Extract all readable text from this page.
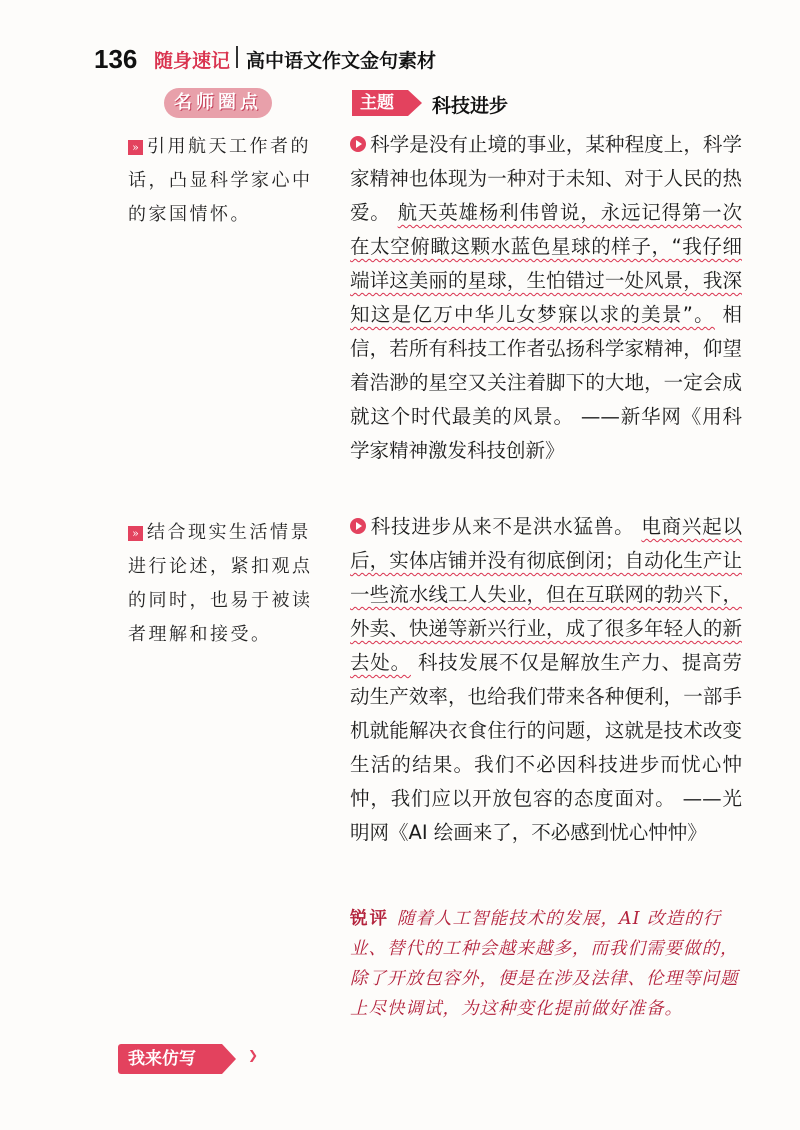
136 随身速记 高中语文作文金句素材
名师圈点	主题	科技进步
» 引用航天工作者的话，凸显科学家心中的家国情怀。
» 结合现实生活情景进行论述，紧扣观点的同时，也易于被读者理解和接受。
科学是没有止境的事业，某种程度上，科学家精神也体现为一种对于未知、对于人民的热爱。 航天英雄杨利伟曾说，永远记得第一次在太空俯瞰这颗水蓝色星球的样子，“我仔细端详这美丽的星球，生怕错过一处风景，我深知这是亿万中华儿女梦寐以求的美景”。 相信，若所有科技工作者弘扬科学家精神，仰望着浩渺的星空又关注着脚下的大地，一定会成就这个时代最美的风景。 ——新华网《用科学家精神激发科技创新》
科技进步从来不是洪水猛兽。 电商兴起以后，实体店铺并没有彻底倒闭；自动化生产让一些流水线工人失业，但在互联网的勃兴下，外卖、快递等新兴行业，成了很多年轻人的新去处。 科技发展不仅是解放生产力、提高劳动生产效率，也给我们带来各种便利，一部手机就能解决衣食住行的问题，这就是技术改变生活的结果。我们不必因科技进步而忧心忡忡，我们应以开放包容的态度面对。 ——光明网《AI 绘画来了，不必感到忧心忡忡》
锐评 随着人工智能技术的发展，AI 改造的行业、替代的工种会越来越多，而我们需要做的，除了开放包容外，便是在涉及法律、伦理等问题上尽快调试，为这种变化提前做好准备。
我来仿写	❯
